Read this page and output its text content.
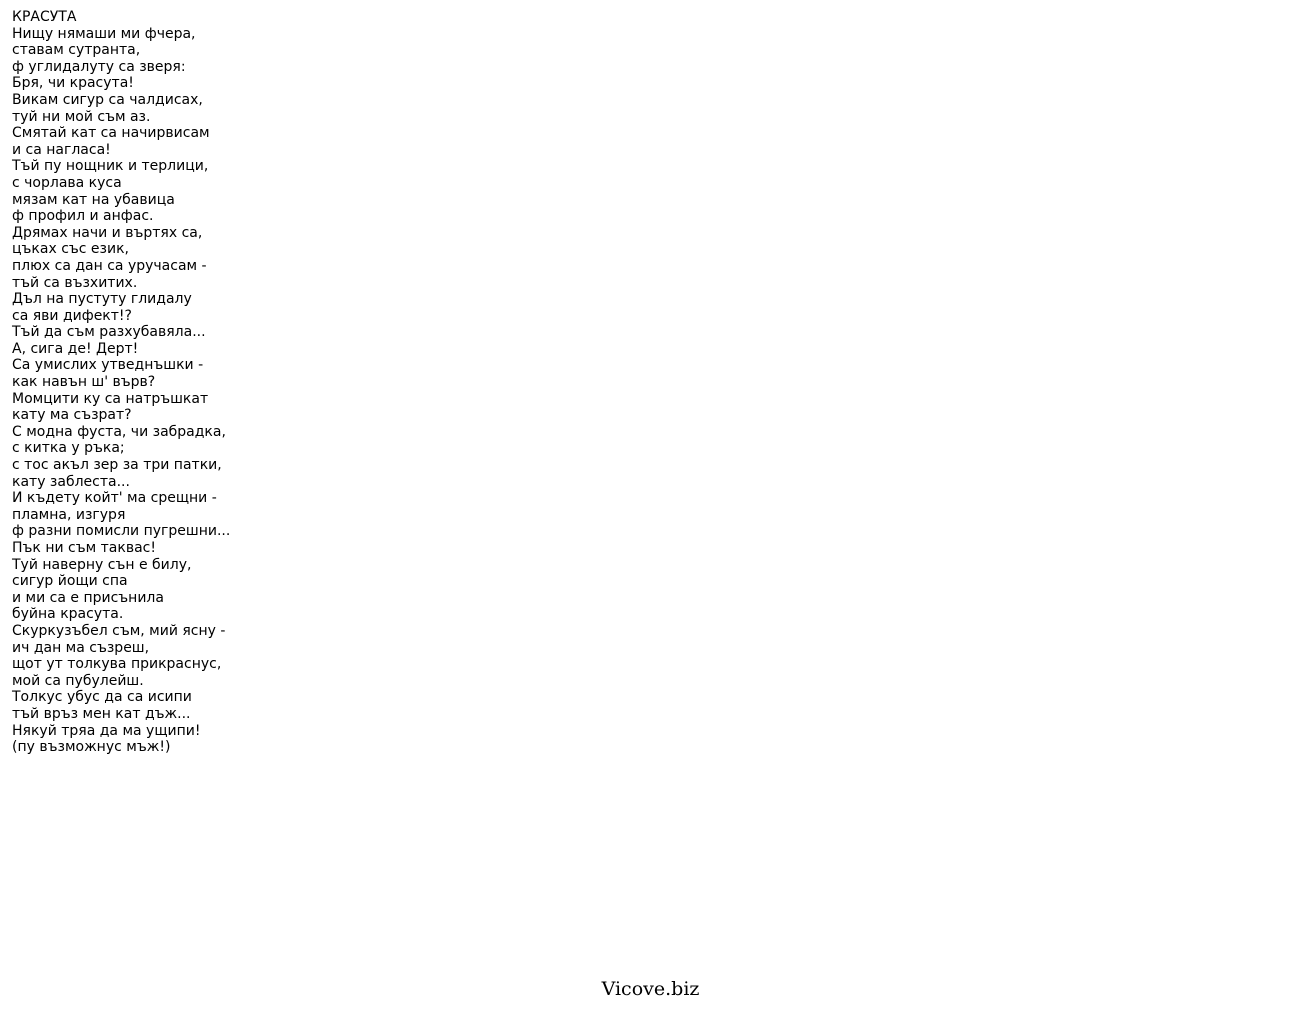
КРАСУТА
Нищу нямаши ми фчера,
ставам сутранта,
ф углидалуту са зверя:
Бря, чи красута!
Викам сигур са чалдисах,
туй ни мой съм аз.
Смятай кат са начирвисам
и са нагласа!
Тъй пу нощник и терлици,
с чорлава куса
мязам кат на убавица
ф профил и анфас.
Дрямах начи и въртях са,
цъках със език,
плюх са дан са уручасам -
тъй са възхитих.
Дъл на пустуту глидалу
са яви дифект!?
Тъй да съм разхубавяла...
А, сига де! Дерт!
Са умислих утведнъшки -
как навън ш' върв?
Момцити ку са натръшкат
кату ма съзрат?
С модна фуста, чи забрадка,
с китка у ръка;
с тос акъл зер за три патки,
кату заблеста...
И къдету койт' ма срещни -
пламна, изгуря
ф разни помисли пугрешни...
Пък ни съм таквас!
Туй наверну сън е билу,
сигур йощи спа
и ми са е присънила
буйна красута.
Скуркузъбел съм, мий ясну -
ич дан ма съзреш,
щот ут толкува прикраснус,
мой са пубулейш.
Толкус убус да са исипи
тъй връз мен кат дъж...
Някуй тряа да ма ущипи!
(пу възможнус мъж!)
Vicove.biz
